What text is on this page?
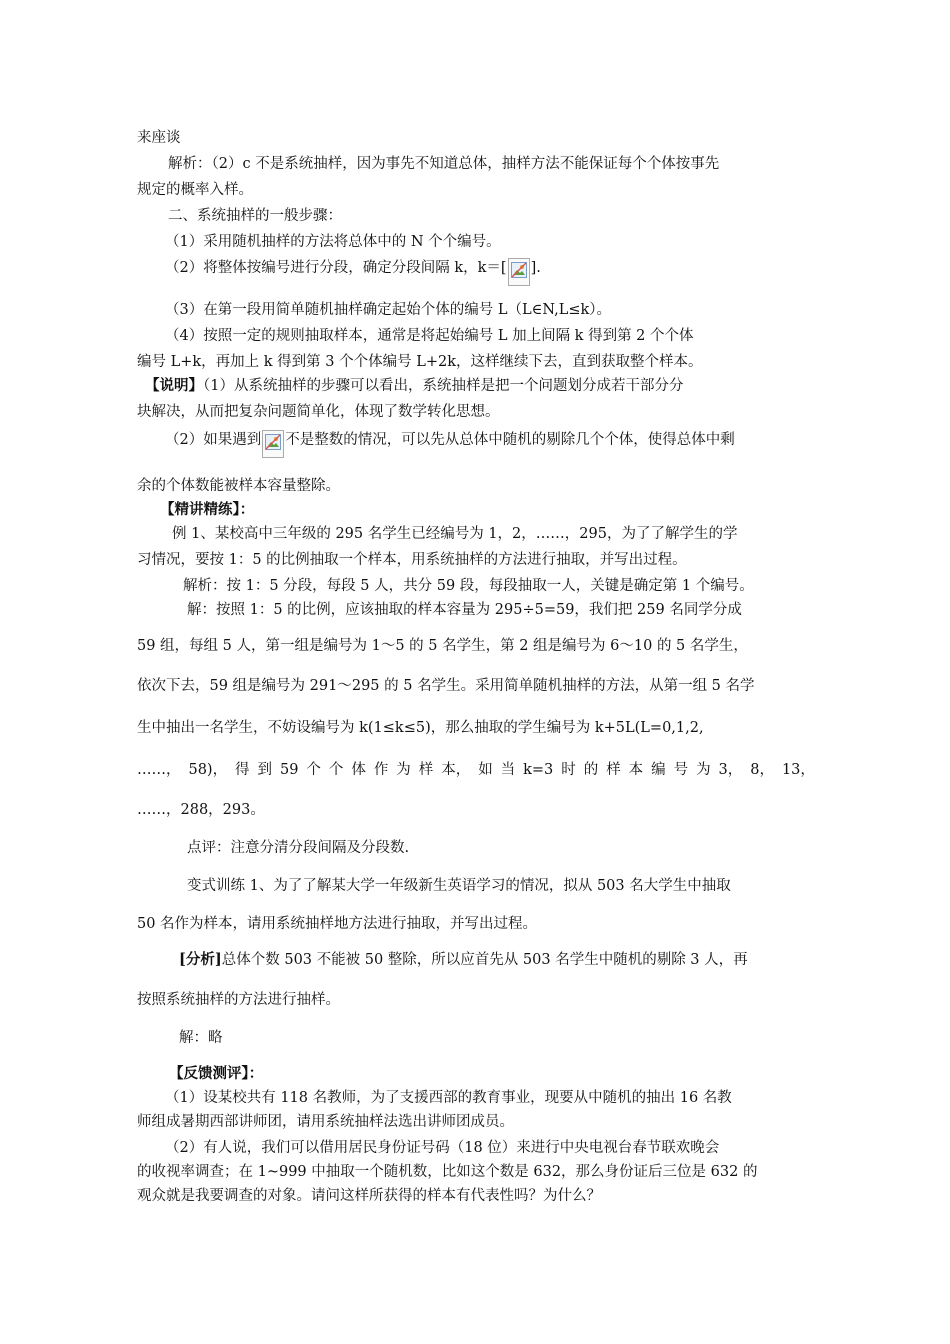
来座谈
解析：（2）c 不是系统抽样，因为事先不知道总体，抽样方法不能保证每个个体按事先
规定的概率入样。
二、系统抽样的一般步骤：
（1）采用随机抽样的方法将总体中的 N 个个编号。
（2）将整体按编号进行分段，确定分段间隔 k，k＝[ ].
（3）在第一段用简单随机抽样确定起始个体的编号 L（L∈N,L≤k）。
（4）按照一定的规则抽取样本，通常是将起始编号 L 加上间隔 k 得到第 2 个个体
编号 L+k，再加上 k 得到第 3 个个体编号 L+2k，这样继续下去，直到获取整个样本。
【说明】（1）从系统抽样的步骤可以看出，系统抽样是把一个问题划分成若干部分分
块解决，从而把复杂问题简单化，体现了数学转化思想。
（2）如果遇到 不是整数的情况，可以先从总体中随机的剔除几个个体，使得总体中剩
余的个体数能被样本容量整除。
【精讲精练】：
例 1、某校高中三年级的 295 名学生已经编号为 1，2，……，295，为了了解学生的学
习情况，要按 1：5 的比例抽取一个样本，用系统抽样的方法进行抽取，并写出过程。
解析：按 1：5 分段，每段 5 人，共分 59 段，每段抽取一人，关键是确定第 1 个编号。
解：按照 1：5 的比例，应该抽取的样本容量为 295÷5=59，我们把 259 名同学分成
59 组，每组 5 人，第一组是编号为 1～5 的 5 名学生，第 2 组是编号为 6～10 的 5 名学生，
依次下去，59 组是编号为 291～295 的 5 名学生。采用简单随机抽样的方法，从第一组 5 名学
生中抽出一名学生，不妨设编号为 k(1≤k≤5)，那么抽取的学生编号为 k+5L(L=0,1,2,
……， 58)， 得 到 59 个 个 体 作 为 样 本， 如 当 k=3 时 的 样 本 编 号 为 3， 8， 13，
……，288，293。
点评：注意分清分段间隔及分段数.
变式训练 1、为了了解某大学一年级新生英语学习的情况，拟从 503 名大学生中抽取
50 名作为样本，请用系统抽样地方法进行抽取，并写出过程。
[分析]总体个数 503 不能被 50 整除，所以应首先从 503 名学生中随机的剔除 3 人，再
按照系统抽样的方法进行抽样。
解：略
【反馈测评】：
（1）设某校共有 118 名教师，为了支援西部的教育事业，现要从中随机的抽出 16 名教
师组成暑期西部讲师团，请用系统抽样法选出讲师团成员。
（2）有人说，我们可以借用居民身份证号码（18 位）来进行中央电视台春节联欢晚会
的收视率调查；在 1~999 中抽取一个随机数，比如这个数是 632，那么身份证后三位是 632 的
观众就是我要调查的对象。请问这样所获得的样本有代表性吗？为什么？
